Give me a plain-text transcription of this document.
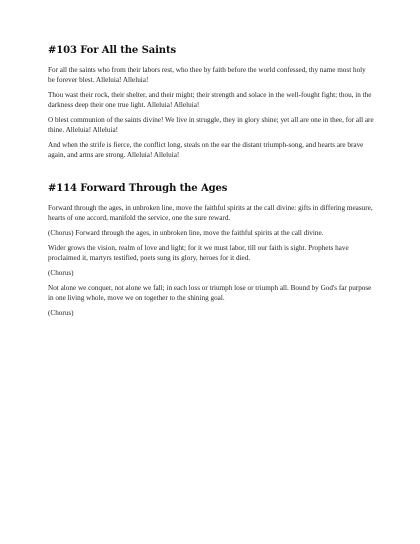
#103 For All the Saints

For all the saints who from their labors rest, who thee by faith before the world confessed, thy name most holy be forever blest. Alleluia! Alleluia!

Thou wast their rock, their shelter, and their might; their strength and solace in the well-fought fight; thou, in the darkness deep their one true light. Alleluia! Alleluia!

O blest communion of the saints divine! We live in struggle, they in glory shine; yet all are one in thee, for all are thine. Alleluia! Alleluia!

And when the strife is fierce, the conflict long, steals on the ear the distant triumph-song, and hearts are brave again, and arms are strong. Alleluia! Alleluia!

#114 Forward Through the Ages

Forward through the ages, in unbroken line, move the faithful spirits at the call divine: gifts in differing measure, hearts of one accord, manifold the service, one the sure reward.

(Chorus) Forward through the ages, in unbroken line, move the faithful spirits at the call divine.

Wider grows the vision, realm of love and light; for it we must labor, till our faith is sight. Prophets have proclaimed it, martyrs testified, poets sung its glory, heroes for it died.

(Chorus)

Not alone we conquer, not alone we fall; in each loss or triumph lose or triumph all. Bound by God's far purpose in one living whole, move we on together to the shining goal.

(Chorus)
